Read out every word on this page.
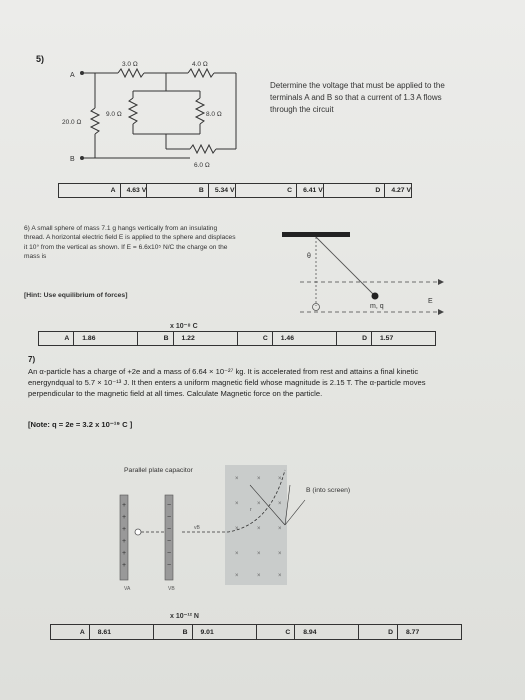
5)
A
B
3.0 Ω	4.0 Ω
20.0 Ω
9.0 Ω	8.0 Ω
6.0 Ω
Determine the voltage that must be applied to the terminals A and B so that a current of 1.3 A flows through the circuit
A	4.63 V	B	5.34 V	C	6.41 V	D	4.27 V
6) A small sphere of mass 7.1 g hangs vertically from an insulating thread. A horizontal electric field E is applied to the sphere and displaces it 10° from the vertical as shown. If E = 6.6x10⁵ N/C the charge on the mass is
[Hint: Use equilibrium of forces]
θ
m, q
E
x 10⁻⁸ C
A	1.86	B	1.22	C	1.46	D	1.57
7)
An α-particle has a charge of +2e and a mass of 6.64 × 10⁻²⁷ kg. It is accelerated from rest and attains a final kinetic energyndqual to 5.7 × 10⁻¹³ J. It then enters a uniform magnetic field whose magnitude is 2.15 T. The α-particle moves perpendicular to the magnetic field at all times. Calculate Magnetic force on the particle.
[Note: q = 2e = 3.2 x 10⁻¹⁹ C ]
×	×	×
×	×	×
×	×	×
×	×	×
×	×	×
+
+
+
+
+
+
−
−
−
−
−
−
Parallel plate capacitor
B (into screen)
vB
VA	VB
r
x 10⁻¹² N
A	8.61	B	9.01	C	8.94	D	8.77
